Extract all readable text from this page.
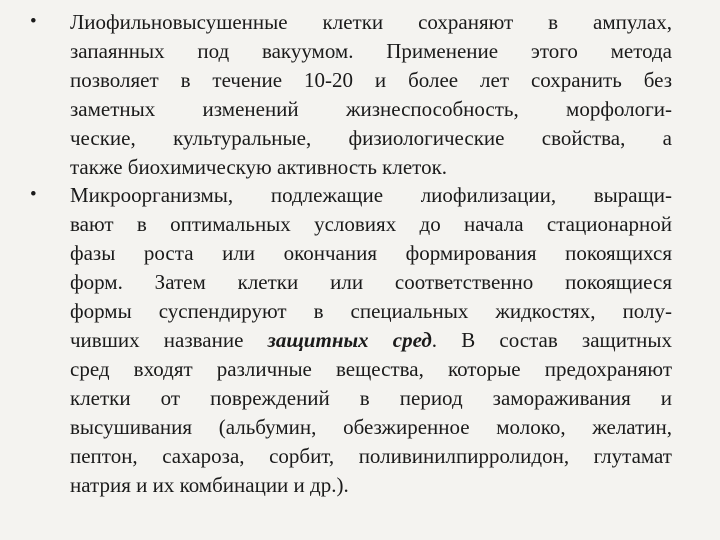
•	Лиофильновысушенные клетки сохраняют в ампулах,
запаянных под вакуумом. Применение этого метода
позволяет в течение 10-20 и более лет сохранить без
заметных изменений жизнеспособность, морфологи-
ческие, культуральные, физиологические свойства, а
также биохимическую активность клеток.
•	Микроорганизмы, подлежащие лиофилизации, выращи-
вают в оптимальных условиях до начала стационарной
фазы роста или окончания формирования покоящихся
форм. Затем клетки или соответственно покоящиеся
формы суспендируют в специальных жидкостях, полу-
чивших название защитных сред. В состав защитных
сред входят различные вещества, которые предохраняют
клетки от повреждений в период замораживания и
высушивания (альбумин, обезжиренное молоко, желатин,
пептон, сахароза, сорбит, поливинилпирролидон, глутамат
натрия и их комбинации и др.).
